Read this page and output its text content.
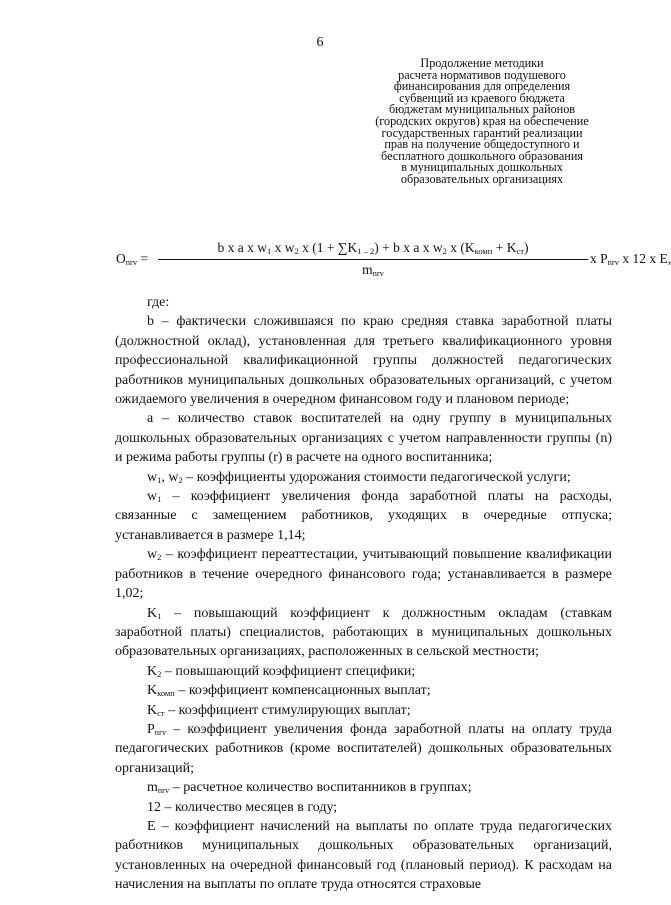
6
Продолжение методики
расчета нормативов подушевого
финансирования для определения
субвенций из краевого бюджета
бюджетам муниципальных районов
(городских округов) края на обеспечение
государственных гарантий реализации
прав на получение общедоступного и
бесплатного дошкольного образования
в муниципальных дошкольных
образовательных организациях
$O_{nrv}$ =
b x a x $w_1$ x $w_2$ x $(1 + \sum K_{1 - 2}) + b$ x a x $w_2$ x $(K_{комп} + K_{ст})$
$m_{nrv}$
x $P_{nrv}$ x 12 x E,

где:

b – фактически сложившаяся по краю средняя ставка заработной платы (должностной оклад), установленная для третьего квалификационного уровня профессиональной квалификационной группы должностей педагогических работников муниципальных дошкольных образовательных организаций, с учетом ожидаемого увеличения в очередном финансовом году и плановом периоде;

a – количество ставок воспитателей на одну группу в муниципальных дошкольных образовательных организациях с учетом направленности группы (n) и режима работы группы (r) в расчете на одного воспитанника;

$w_1$, $w_2$ – коэффициенты удорожания стоимости педагогической услуги;

$w_1$ – коэффициент увеличения фонда заработной платы на расходы, связанные с замещением работников, уходящих в очередные отпуска; устанавливается в размере 1,14;

$w_2$ – коэффициент переаттестации, учитывающий повышение квалификации работников в течение очередного финансового года; устанавливается в размере 1,02;

$K_1$ – повышающий коэффициент к должностным окладам (ставкам заработной платы) специалистов, работающих в муниципальных дошкольных образовательных организациях, расположенных в сельской местности;

$K_2$ – повышающий коэффициент специфики;

$K_{комп}$ – коэффициент компенсационных выплат;

$K_{ст}$ – коэффициент стимулирующих выплат;

$P_{nrv}$ – коэффициент увеличения фонда заработной платы на оплату труда педагогических работников (кроме воспитателей) дошкольных образовательных организаций;

$m_{nrv}$ – расчетное количество воспитанников в группах;

12 – количество месяцев в году;

E – коэффициент начислений на выплаты по оплате труда педагогических работников муниципальных дошкольных образовательных организаций, установленных на очередной финансовый год (плановый период). К расходам на начисления на выплаты по оплате труда относятся страховые
